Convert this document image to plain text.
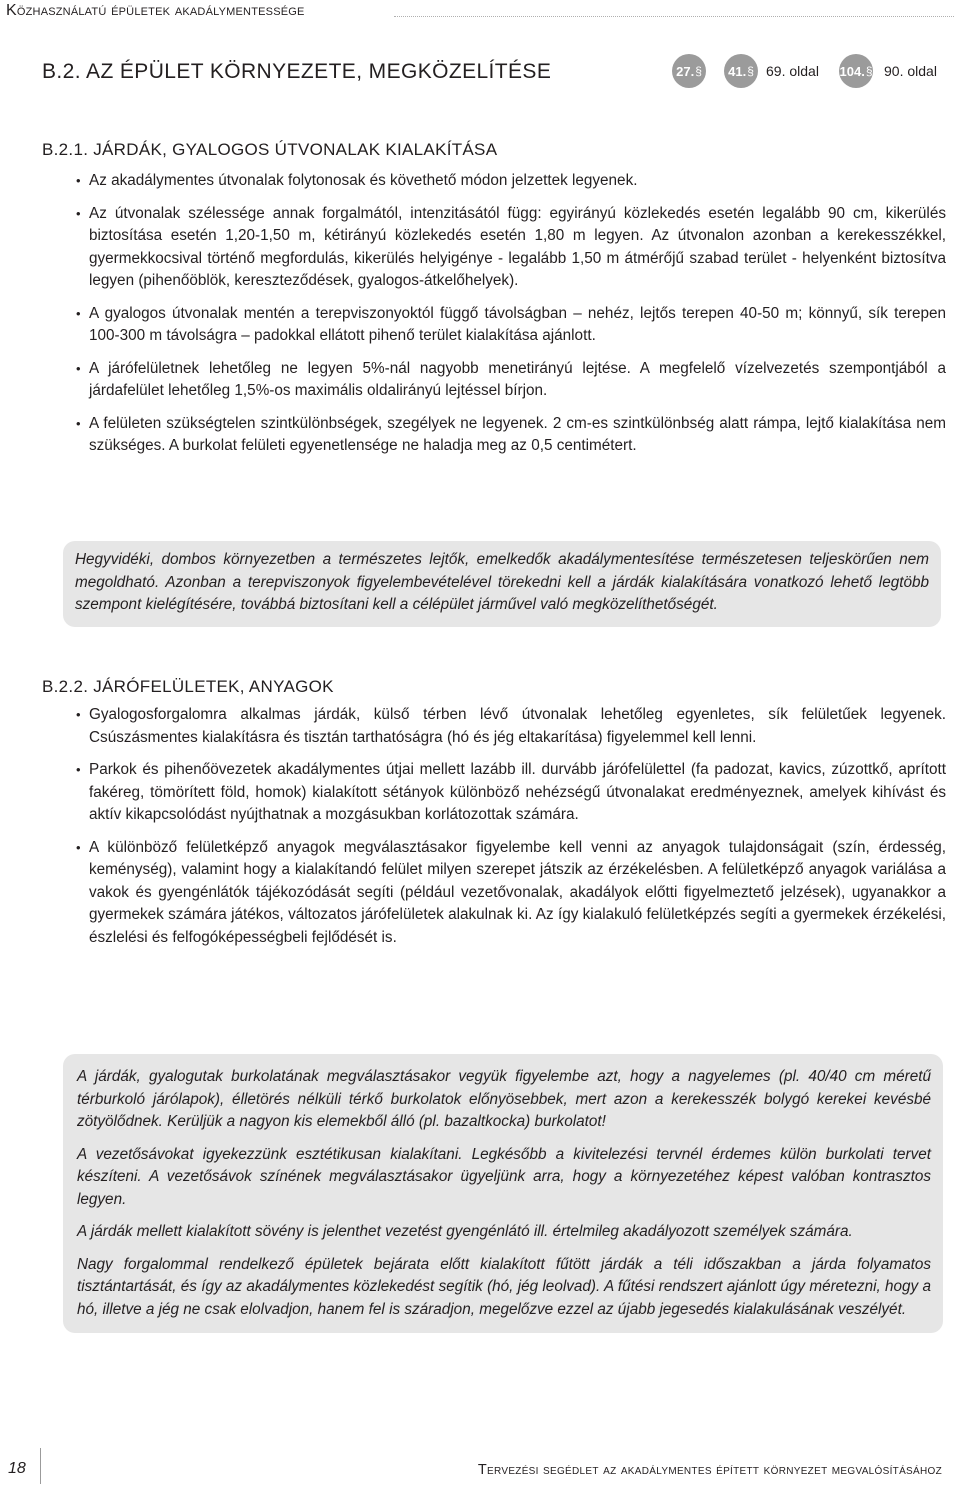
Közhasználatú épületek akadálymentessége
B.2. AZ ÉPÜLET KÖRNYEZETE, MEGKÖZELÍTÉSE	27. § 41. § 69. oldal 104. § 90. oldal
B.2.1. JÁRDÁK, GYALOGOS ÚTVONALAK KIALAKÍTÁSA
• Az akadálymentes útvonalak folytonosak és követhető módon jelzettek legyenek.
• Az útvonalak szélessége annak forgalmától, intenzitásától függ: egyirányú közlekedés esetén legalább 90 cm, kikerülés biztosítása esetén 1,20-1,50 m, kétirányú közlekedés esetén 1,80 m legyen. Az útvonalon azonban a kerekesszékkel, gyermekkocsival történő megfordulás, kikerülés helyigénye - legalább 1,50 m átmérőjű szabad terület - helyenként biztosítva legyen (pihenőöblök, kereszteződések, gyalogos-átkelőhelyek).
• A gyalogos útvonalak mentén a terepviszonyoktól függő távolságban – nehéz, lejtős terepen 40-50 m; könnyű, sík terepen 100-300 m távolságra – padokkal ellátott pihenő terület kialakítása ajánlott.
• A járófelületnek lehetőleg ne legyen 5%-nál nagyobb menetirányú lejtése. A megfelelő vízelvezetés szempontjából a járdafelület lehetőleg 1,5%-os maximális oldalirányú lejtéssel bírjon.
• A felületen szükségtelen szintkülönbségek, szegélyek ne legyenek. 2 cm-es szintkülönbség alatt rámpa, lejtő kialakítása nem szükséges. A burkolat felületi egyenetlensége ne haladja meg az 0,5 centimétert.

Hegyvidéki, dombos környezetben a természetes lejtők, emelkedők akadálymentesítése természetesen teljeskörűen nem megoldható. Azonban a terepviszonyok figyelembevételével törekedni kell a járdák kialakítására vonatkozó lehető legtöbb szempont kielégítésére, továbbá biztosítani kell a célépület járművel való megközelíthetőségét.

B.2.2. JÁRÓFELÜLETEK, ANYAGOK
• Gyalogosforgalomra alkalmas járdák, külső térben lévő útvonalak lehetőleg egyenletes, sík felületűek legyenek. Csúszásmentes kialakításra és tisztán tarthatóságra (hó és jég eltakarítása) figyelemmel kell lenni.
• Parkok és pihenőövezetek akadálymentes útjai mellett lazább ill. durvább járófelülettel (fa padozat, kavics, zúzottkő, aprított fakéreg, tömörített föld, homok) kialakított sétányok különböző nehézségű útvonalakat eredményeznek, amelyek kihívást és aktív kikapcsolódást nyújthatnak a mozgásukban korlátozottak számára.
• A különböző felületképző anyagok megválasztásakor figyelembe kell venni az anyagok tulajdonságait (szín, érdesség, keménység), valamint hogy a kialakítandó felület milyen szerepet játszik az érzékelésben. A felületképző anyagok variálása a vakok és gyengénlátók tájékozódását segíti (például vezetővonalak, akadályok előtti figyelmeztető jelzések), ugyanakkor a gyermekek számára játékos, változatos járófelületek alakulnak ki. Az így kialakuló felületképzés segíti a gyermekek érzékelési, észlelési és felfogóképességbeli fejlődését is.

A járdák, gyalogutak burkolatának megválasztásakor vegyük figyelembe azt, hogy a nagyelemes (pl. 40/40 cm méretű térburkoló járólapok), élletörés nélküli térkő burkolatok előnyösebbek, mert azon a kerekesszék bolygó kerekei kevésbé zötyölődnek. Kerüljük a nagyon kis elemekből álló (pl. bazaltkocka) burkolatot!

A vezetősávokat igyekezzünk esztétikusan kialakítani. Legkésőbb a kivitelezési tervnél érdemes külön burkolati tervet készíteni. A vezetősávok színének megválasztásakor ügyeljünk arra, hogy a környezetéhez képest valóban kontrasztos legyen.

A járdák mellett kialakított sövény is jelenthet vezetést gyengénlátó ill. értelmileg akadályozott személyek számára.

Nagy forgalommal rendelkező épületek bejárata előtt kialakított fűtött járdák a téli időszakban a járda folyamatos tisztántartását, és így az akadálymentes közlekedést segítik (hó, jég leolvad). A fűtési rendszert ajánlott úgy méretezni, hogy a hó, illetve a jég ne csak elolvadjon, hanem fel is száradjon, megelőzve ezzel az újabb jegesedés kialakulásának veszélyét.

18	Tervezési segédlet az akadálymentes épített környezet megvalósításához
